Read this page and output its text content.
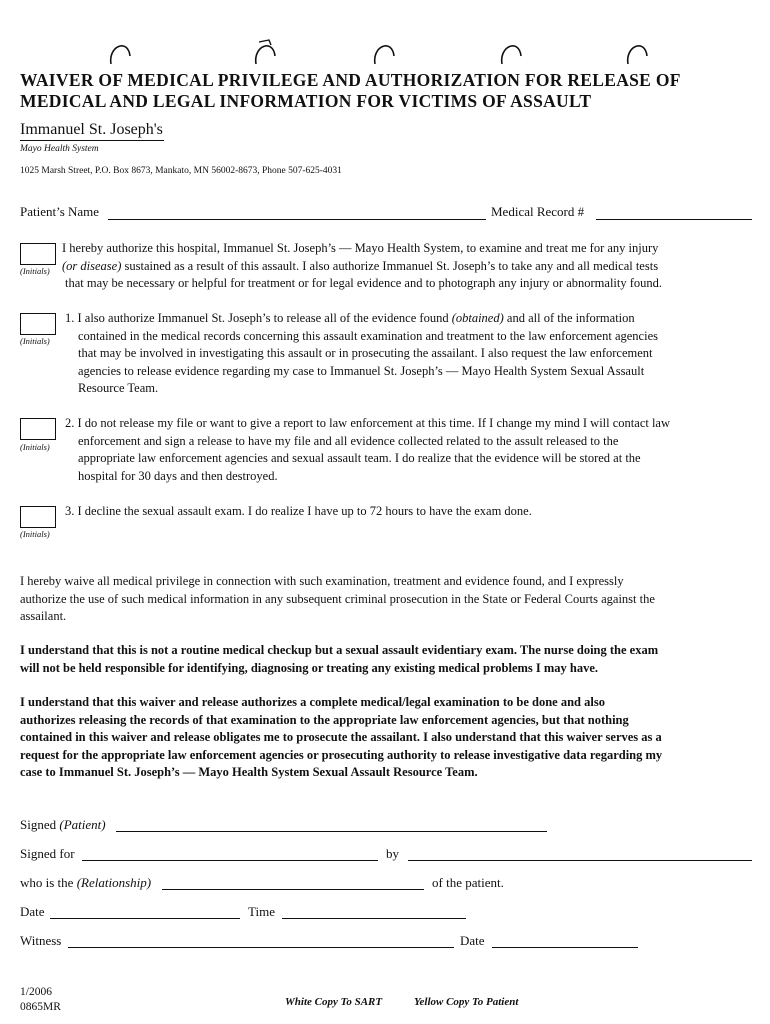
WAIVER OF MEDICAL PRIVILEGE AND AUTHORIZATION FOR RELEASE OF
MEDICAL AND LEGAL INFORMATION FOR VICTIMS OF ASSAULT
Immanuel St. Joseph's
Mayo Health System
1025 Marsh Street, P.O. Box 8673, Mankato, MN 56002-8673, Phone 507-625-4031
Patient’s Name	Medical Record #
(Initials)
I hereby authorize this hospital, Immanuel St. Joseph’s — Mayo Health System, to examine and treat me for any injury
(or disease) sustained as a result of this assault. I also authorize Immanuel St. Joseph’s to take any and all medical tests
that may be necessary or helpful for treatment or for legal evidence and to photograph any injury or abnormality found.
(Initials)
1. I also authorize Immanuel St. Joseph’s to release all of the evidence found (obtained) and all of the information
contained in the medical records concerning this assault examination and treatment to the law enforcement agencies
that may be involved in investigating this assault or in prosecuting the assailant. I also request the law enforcement
agencies to release evidence regarding my case to Immanuel St. Joseph’s — Mayo Health System Sexual Assault
Resource Team.
(Initials)
2. I do not release my file or want to give a report to law enforcement at this time. If I change my mind I will contact law
enforcement and sign a release to have my file and all evidence collected related to the assult released to the
appropriate law enforcement agencies and sexual assault team. I do realize that the evidence will be stored at the
hospital for 30 days and then destroyed.
(Initials)
3. I decline the sexual assault exam. I do realize I have up to 72 hours to have the exam done.
I hereby waive all medical privilege in connection with such examination, treatment and evidence found, and I expressly
authorize the use of such medical information in any subsequent criminal prosecution in the State or Federal Courts against the
assailant.
I understand that this is not a routine medical checkup but a sexual assault evidentiary exam. The nurse doing the exam
will not be held responsible for identifying, diagnosing or treating any existing medical problems I may have.
I understand that this waiver and release authorizes a complete medical/legal examination to be done and also
authorizes releasing the records of that examination to the appropriate law enforcement agencies, but that nothing
contained in this waiver and release obligates me to prosecute the assailant. I also understand that this waiver serves as a
request for the appropriate law enforcement agencies or prosecuting authority to release investigative data regarding my
case to Immanuel St. Joseph’s — Mayo Health System Sexual Assault Resource Team.
Signed (Patient)
Signed for	by
who is the (Relationship)	of the patient.
Date	Time
Witness	Date
1/2006
0865MR	White Copy To SART	Yellow Copy To Patient
